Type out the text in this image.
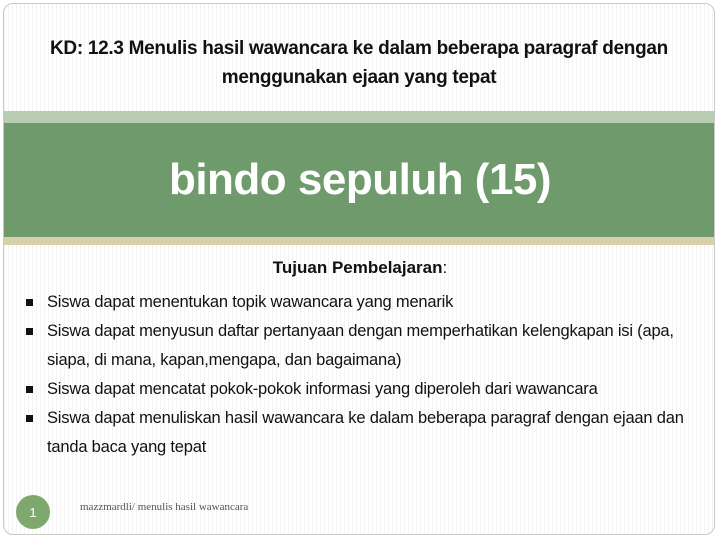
KD: 12.3 Menulis hasil wawancara ke dalam beberapa paragraf dengan menggunakan ejaan yang tepat
bindo sepuluh (15)
Tujuan Pembelajaran:
Siswa dapat menentukan topik wawancara yang menarik
Siswa dapat menyusun daftar pertanyaan dengan memperhatikan kelengkapan isi (apa, siapa, di mana, kapan,mengapa, dan bagaimana)
Siswa dapat mencatat pokok-pokok informasi yang diperoleh dari wawancara
Siswa dapat menuliskan hasil wawancara ke dalam beberapa paragraf dengan ejaan dan tanda baca yang tepat
1	mazzmardli/ menulis hasil wawancara
